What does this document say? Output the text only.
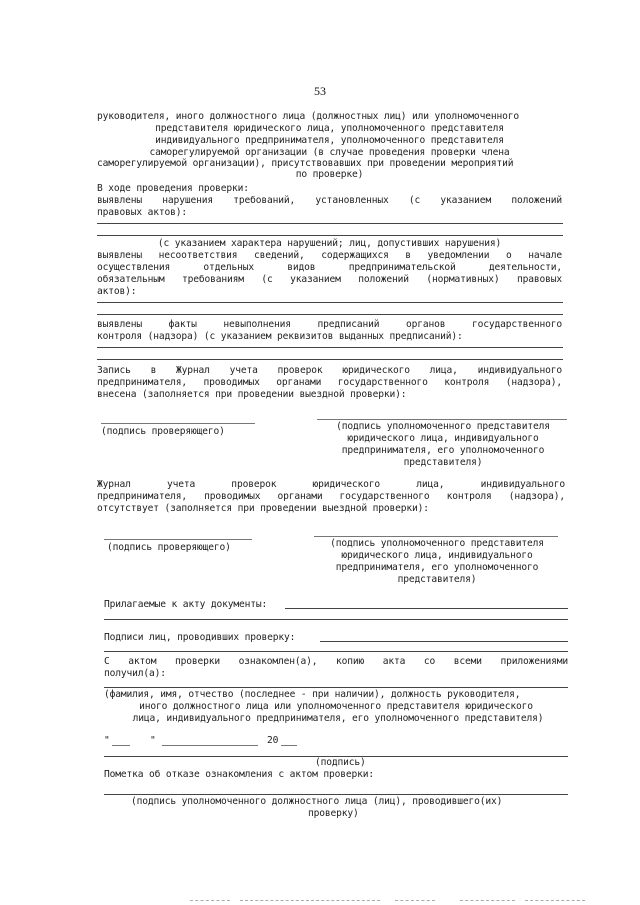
53
руководителя, иного должностного лица (должностных лиц) или уполномоченного
представителя юридического лица, уполномоченного представителя
индивидуального предпринимателя, уполномоченного представителя
саморегулируемой организации (в случае проведения проверки члена
саморегулируемой организации), присутствовавших при проведении мероприятий
по проверке)
В ходе проведения проверки:
выявлены нарушения требований, установленных (с указанием положений
правовых актов):
(с указанием характера нарушений; лиц, допустивших нарушения)
выявлены несоответствия сведений, содержащихся в уведомлении о начале
осуществления отдельных видов предпринимательской деятельности,
обязательным требованиям (с указанием положений (нормативных) правовых
актов):
выявлены факты невыполнения предписаний органов государственного
контроля (надзора) (с указанием реквизитов выданных предписаний):
Запись в Журнал учета проверок юридического лица, индивидуального
предпринимателя, проводимых органами государственного контроля (надзора),
внесена (заполняется при проведении выездной проверки):
(подпись проверяющего)	(подпись уполномоченного представителя
юридического лица, индивидуального
предпринимателя, его уполномоченного
представителя)
Журнал учета проверок юридического лица, индивидуального
предпринимателя, проводимых органами государственного контроля (надзора),
отсутствует (заполняется при проведении выездной проверки):
(подпись проверяющего)	(подпись уполномоченного представителя
юридического лица, индивидуального
предпринимателя, его уполномоченного
представителя)
Прилагаемые к акту документы:
Подписи лиц, проводивших проверку:
С актом проверки ознакомлен(а), копию акта со всеми приложениями
получил(а):
(фамилия, имя, отчество (последнее - при наличии), должность руководителя,
иного должностного лица или уполномоченного представителя юридического
лица, индивидуального предпринимателя, его уполномоченного представителя)
"	"	20
(подпись)
Пометка об отказе ознакомления с актом проверки:
(подпись уполномоченного должностного лица (лиц), проводившего(их)
проверку)
